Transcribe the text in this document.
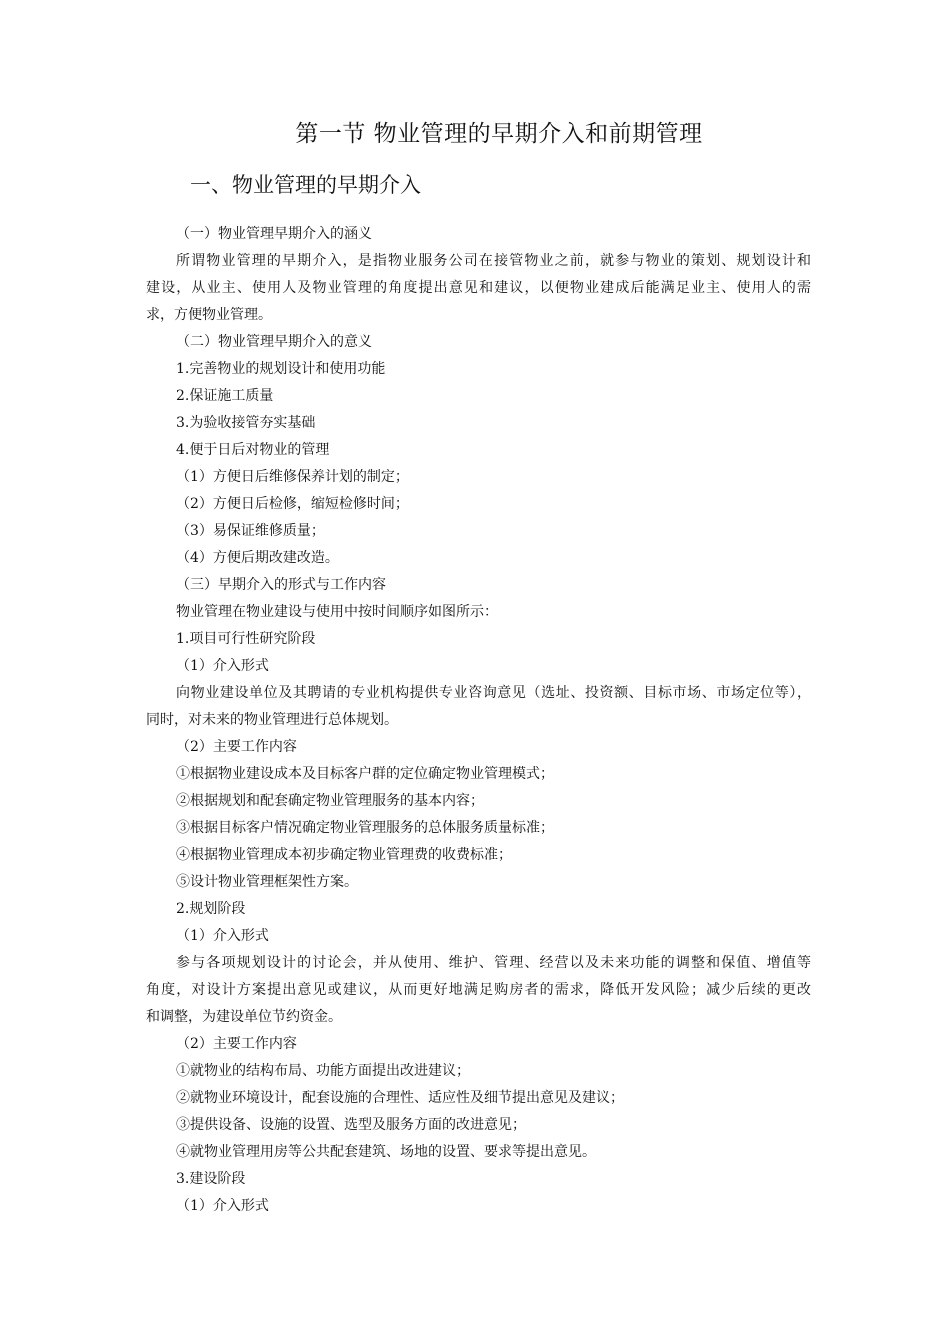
第一节 物业管理的早期介入和前期管理
一、物业管理的早期介入

（一）物业管理早期介入的涵义

所谓物业管理的早期介入，是指物业服务公司在接管物业之前，就参与物业的策划、规划设计和
建设，从业主、使用人及物业管理的角度提出意见和建议，以便物业建成后能满足业主、使用人的需
求，方便物业管理。

（二）物业管理早期介入的意义

1.完善物业的规划设计和使用功能

2.保证施工质量

3.为验收接管夯实基础

4.便于日后对物业的管理

（1）方便日后维修保养计划的制定；

（2）方便日后检修，缩短检修时间；

（3）易保证维修质量；

（4）方便后期改建改造。

（三）早期介入的形式与工作内容

物业管理在物业建设与使用中按时间顺序如图所示：

1.项目可行性研究阶段

（1）介入形式

向物业建设单位及其聘请的专业机构提供专业咨询意见（选址、投资额、目标市场、市场定位等），
同时，对未来的物业管理进行总体规划。

（2）主要工作内容

①根据物业建设成本及目标客户群的定位确定物业管理模式；

②根据规划和配套确定物业管理服务的基本内容；

③根据目标客户情况确定物业管理服务的总体服务质量标准；

④根据物业管理成本初步确定物业管理费的收费标准；

⑤设计物业管理框架性方案。

2.规划阶段

（1）介入形式

参与各项规划设计的讨论会，并从使用、维护、管理、经营以及未来功能的调整和保值、增值等
角度，对设计方案提出意见或建议，从而更好地满足购房者的需求，降低开发风险；减少后续的更改
和调整，为建设单位节约资金。

（2）主要工作内容

①就物业的结构布局、功能方面提出改进建议；

②就物业环境设计，配套设施的合理性、适应性及细节提出意见及建议；

③提供设备、设施的设置、选型及服务方面的改进意见；

④就物业管理用房等公共配套建筑、场地的设置、要求等提出意见。

3.建设阶段

（1）介入形式
